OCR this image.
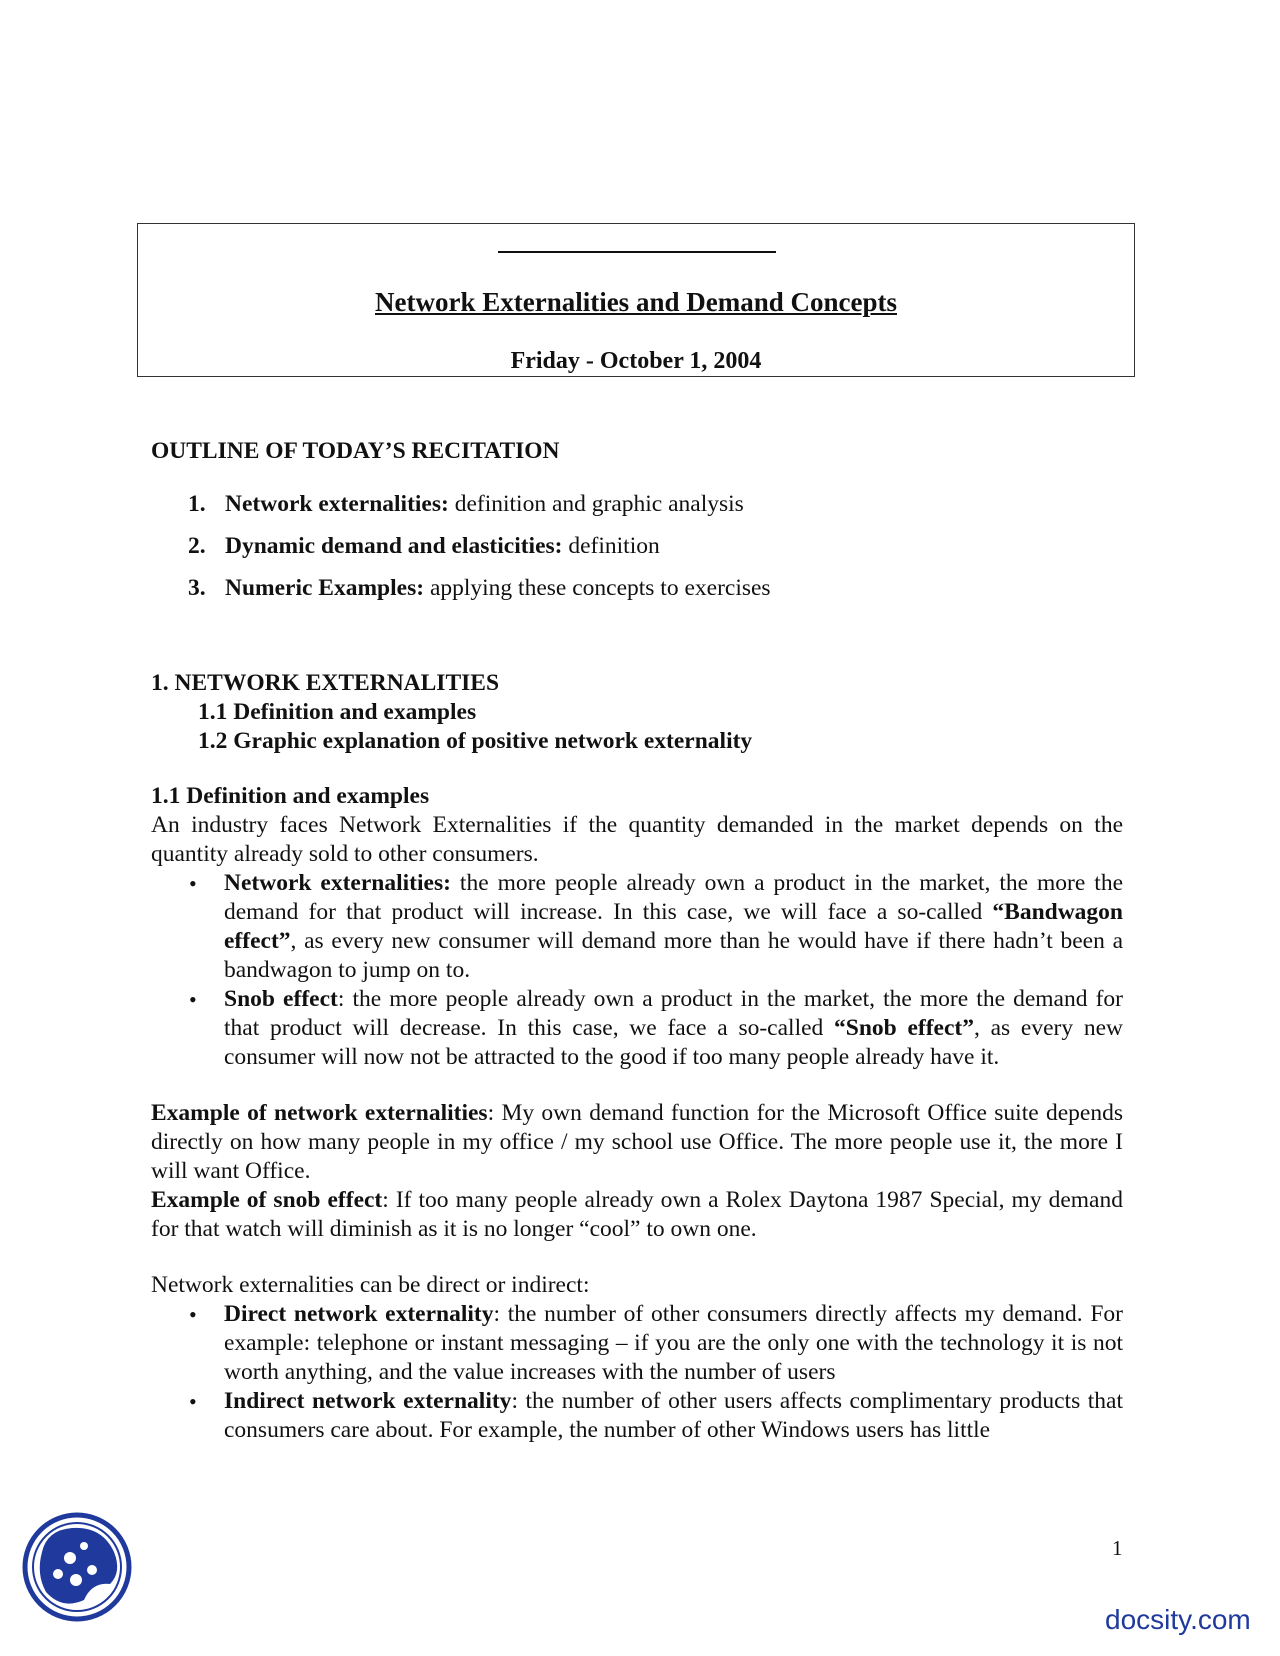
Network Externalities and Demand Concepts
Friday - October 1, 2004
OUTLINE OF TODAY’S RECITATION
1. Network externalities: definition and graphic analysis
2. Dynamic demand and elasticities: definition
3. Numeric Examples: applying these concepts to exercises
1. NETWORK EXTERNALITIES
1.1 Definition and examples
1.2 Graphic explanation of positive network externality
1.1 Definition and examples

An industry faces Network Externalities if the quantity demanded in the market depends on the quantity already sold to other consumers.

• Network externalities: the more people already own a product in the market, the more the demand for that product will increase. In this case, we will face a so-called “Bandwagon effect”, as every new consumer will demand more than he would have if there hadn’t been a bandwagon to jump on to.
• Snob effect: the more people already own a product in the market, the more the demand for that product will decrease. In this case, we face a so-called “Snob effect”, as every new consumer will now not be attracted to the good if too many people already have it.

Example of network externalities: My own demand function for the Microsoft Office suite depends directly on how many people in my office / my school use Office. The more people use it, the more I will want Office.

Example of snob effect: If too many people already own a Rolex Daytona 1987 Special, my demand for that watch will diminish as it is no longer “cool” to own one.

Network externalities can be direct or indirect:

• Direct network externality: the number of other consumers directly affects my demand. For example: telephone or instant messaging – if you are the only one with the technology it is not worth anything, and the value increases with the number of users
• Indirect network externality: the number of other users affects complimentary products that consumers care about. For example, the number of other Windows users has little
1
docsity.com
